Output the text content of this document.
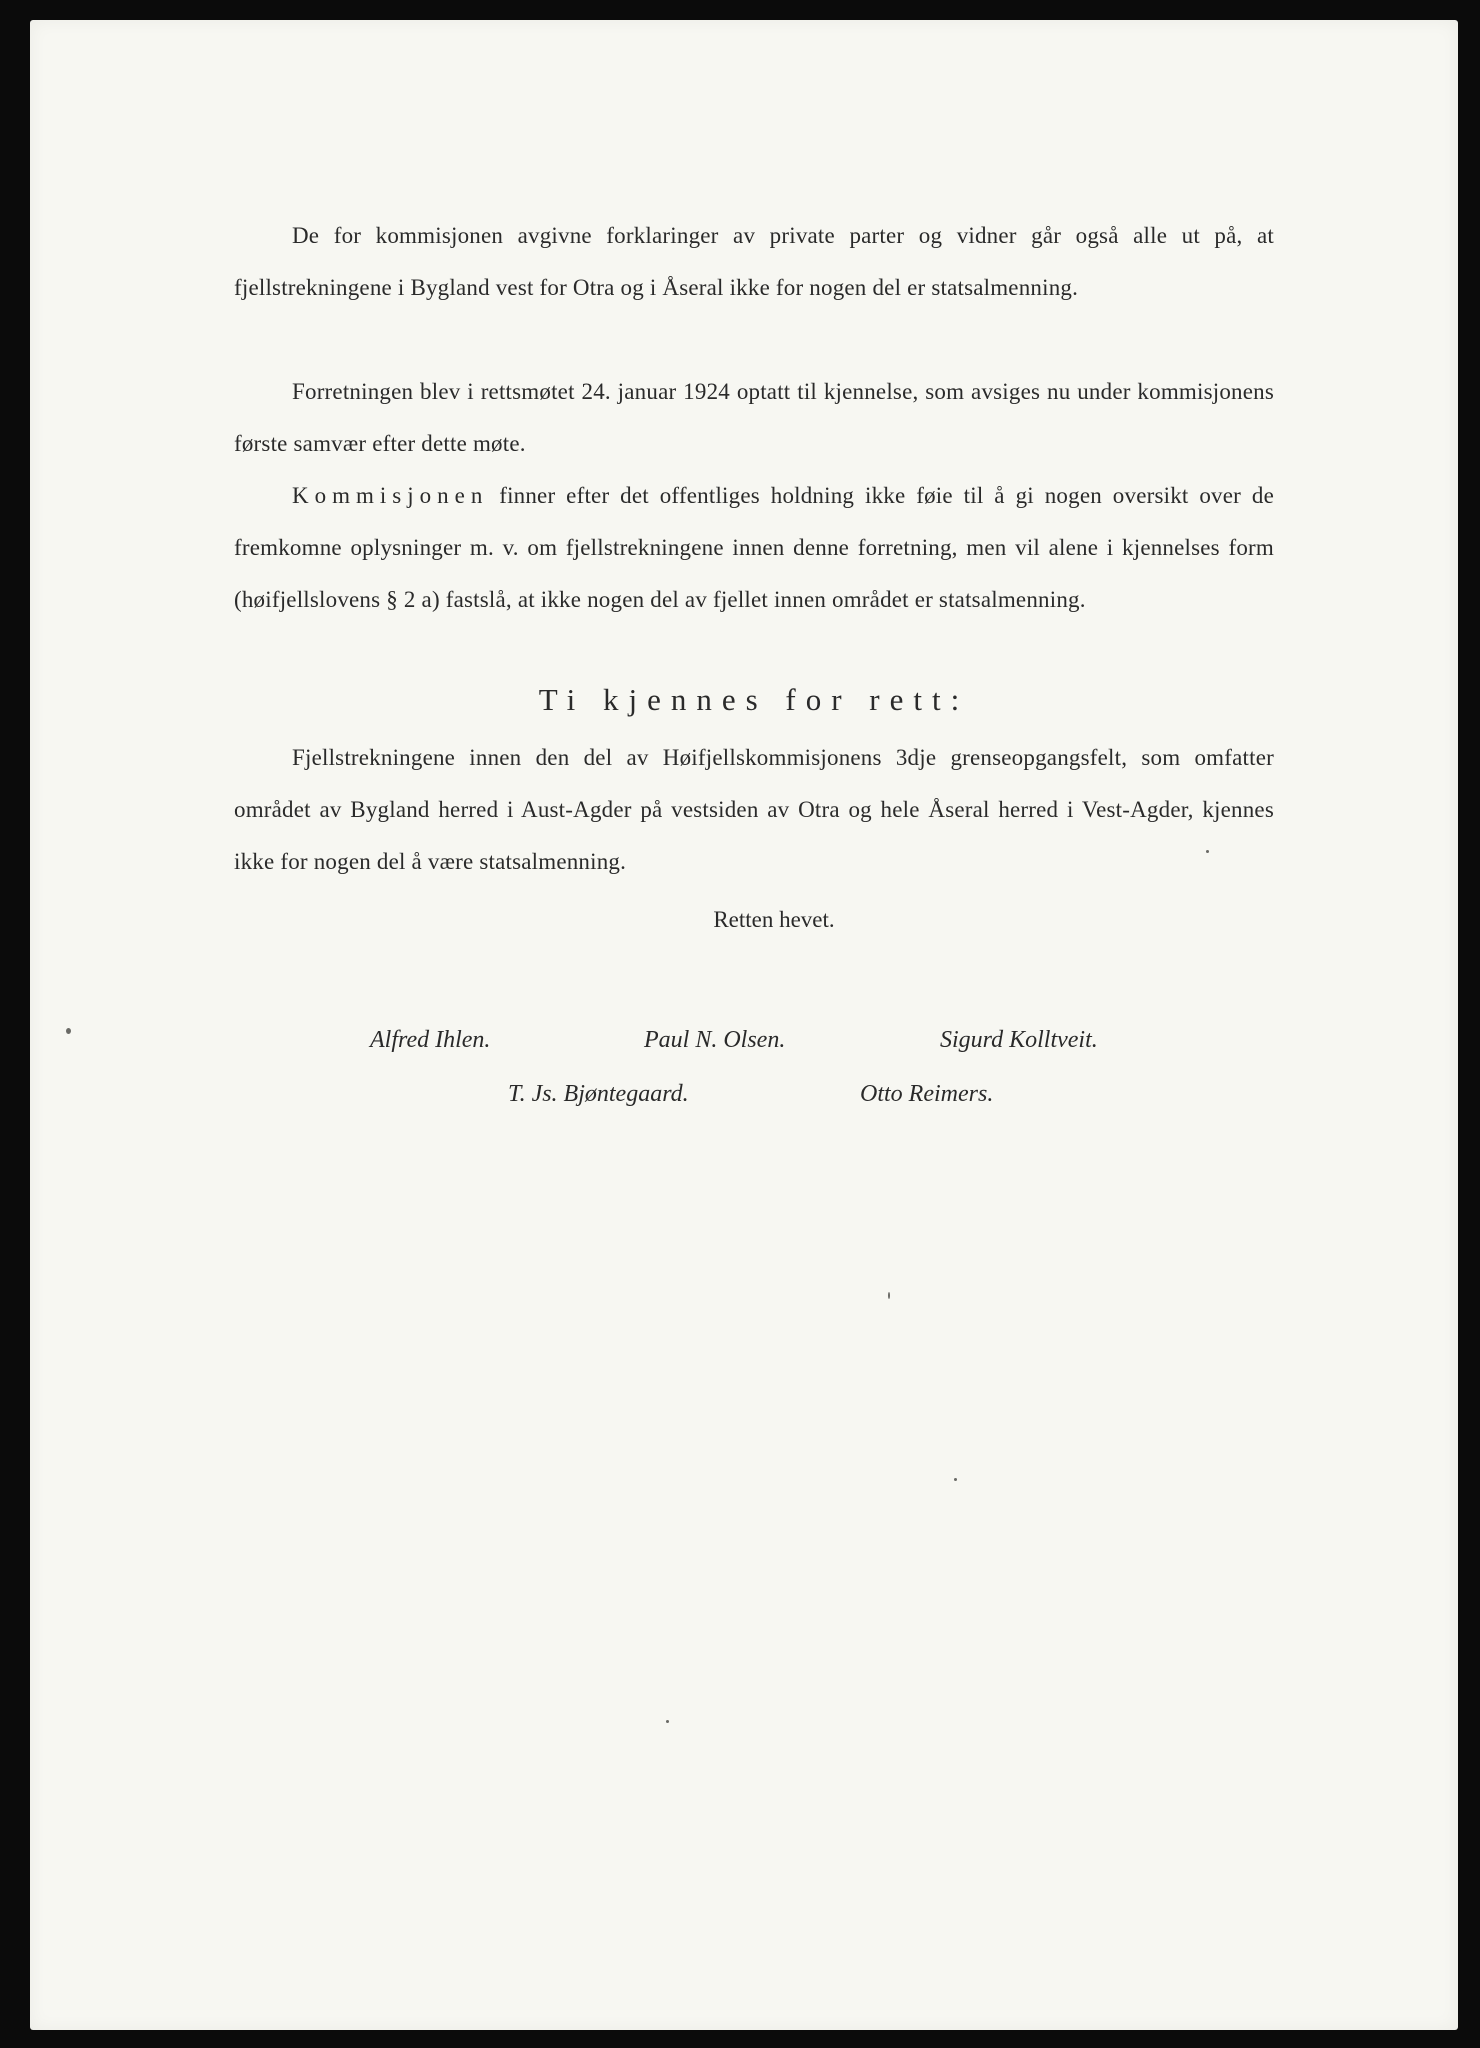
De for kommisjonen avgivne forklaringer av private parter og vidner går også alle ut på, at fjellstrekningene i Bygland vest for Otra og i Åseral ikke for nogen del er statsalmenning.

Forretningen blev i rettsmøtet 24. januar 1924 optatt til kjennelse, som avsiges nu under kommisjonens første samvær efter dette møte.

Kommisjonen finner efter det offentliges holdning ikke føie til å gi nogen oversikt over de fremkomne oplysninger m. v. om fjellstrekningene innen denne forretning, men vil alene i kjennelses form (høifjellslovens § 2 a) fastslå, at ikke nogen del av fjellet innen området er statsalmenning.

Ti kjennes for rett:

Fjellstrekningene innen den del av Høifjellskommisjonens 3dje grenseopgangsfelt, som omfatter området av Bygland herred i Aust-Agder på vestsiden av Otra og hele Åseral herred i Vest-Agder, kjennes ikke for nogen del å være statsalmenning.

Retten hevet.
Alfred Ihlen.	Paul N. Olsen.	Sigurd Kolltveit.
T. Js. Bjøntegaard.	Otto Reimers.
